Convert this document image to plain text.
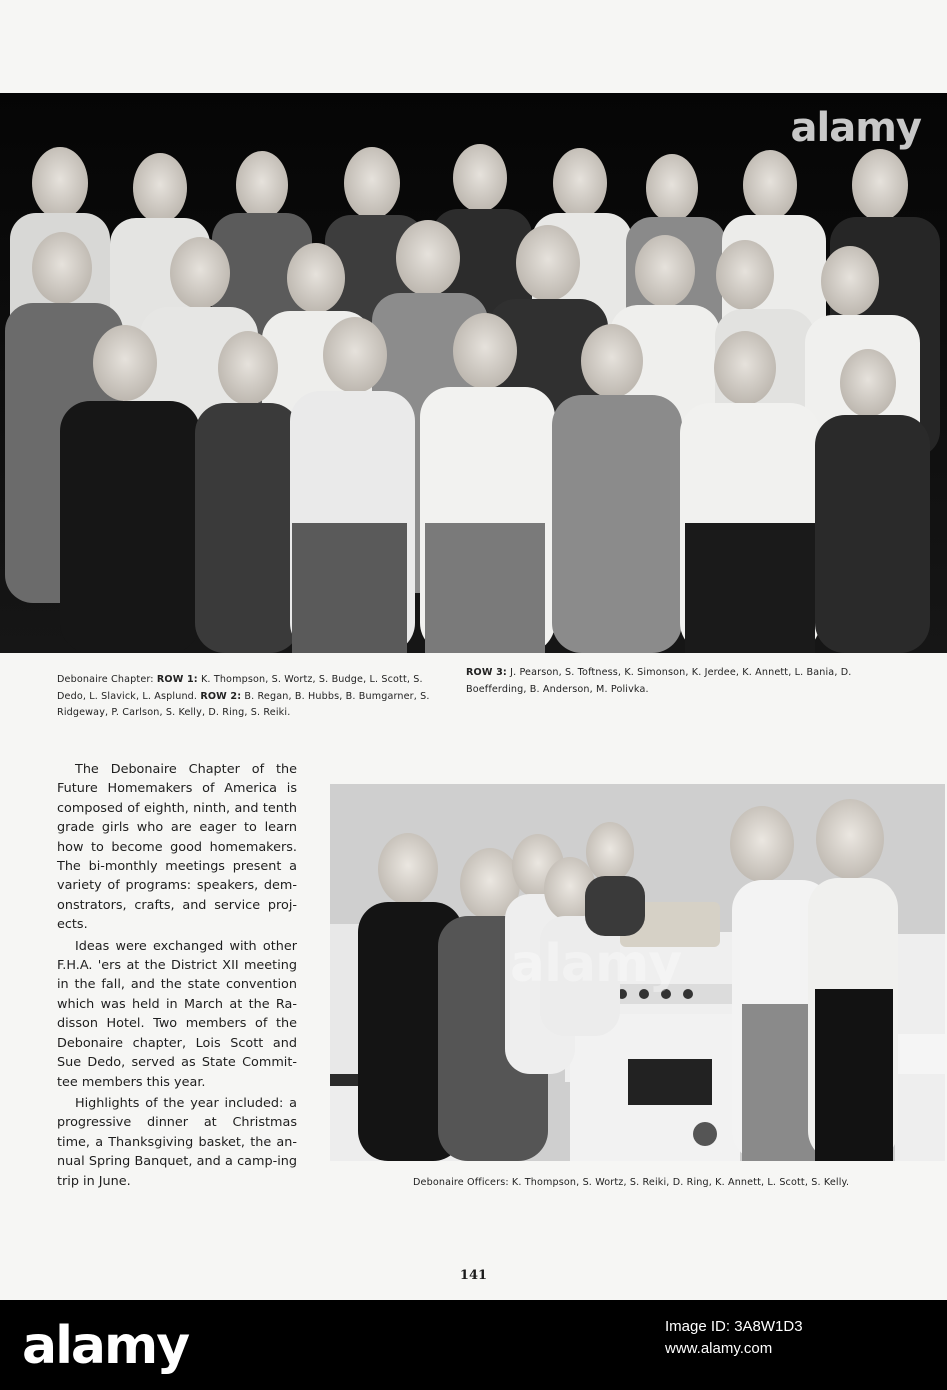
alamy
Debonaire Chapter: ROW 1: K. Thompson, S. Wortz, S. Budge, L. Scott, S. Dedo, L. Slavick, L. Asplund. ROW 2: B. Regan, B. Hubbs, B. Bumgarner, S. Ridgeway, P. Carlson, S. Kelly, D. Ring, S. Reiki.
ROW 3: J. Pearson, S. Toftness, K. Simonson, K. Jerdee, K. Annett, L. Bania, D. Boefferding, B. Anderson, M. Polivka.

The Debonaire Chapter of the Future Homemakers of America is composed of eighth, ninth, and tenth grade girls who are eager to learn how to become good homemakers. The bi-monthly meetings present a variety of programs: speakers, dem-onstrators, crafts, and service proj-ects.

Ideas were exchanged with other F.H.A. 'ers at the District XII meeting in the fall, and the state convention which was held in March at the Ra-disson Hotel. Two members of the Debonaire chapter, Lois Scott and Sue Dedo, served as State Commit-tee members this year.

Highlights of the year included: a progressive dinner at Christmas time, a Thanksgiving basket, the an-nual Spring Banquet, and a camp-ing trip in June.

alamy
Debonaire Officers: K. Thompson, S. Wortz, S. Reiki, D. Ring, K. Annett, L. Scott, S. Kelly.
141
alamy	Image ID: 3A8W1D3
www.alamy.com
